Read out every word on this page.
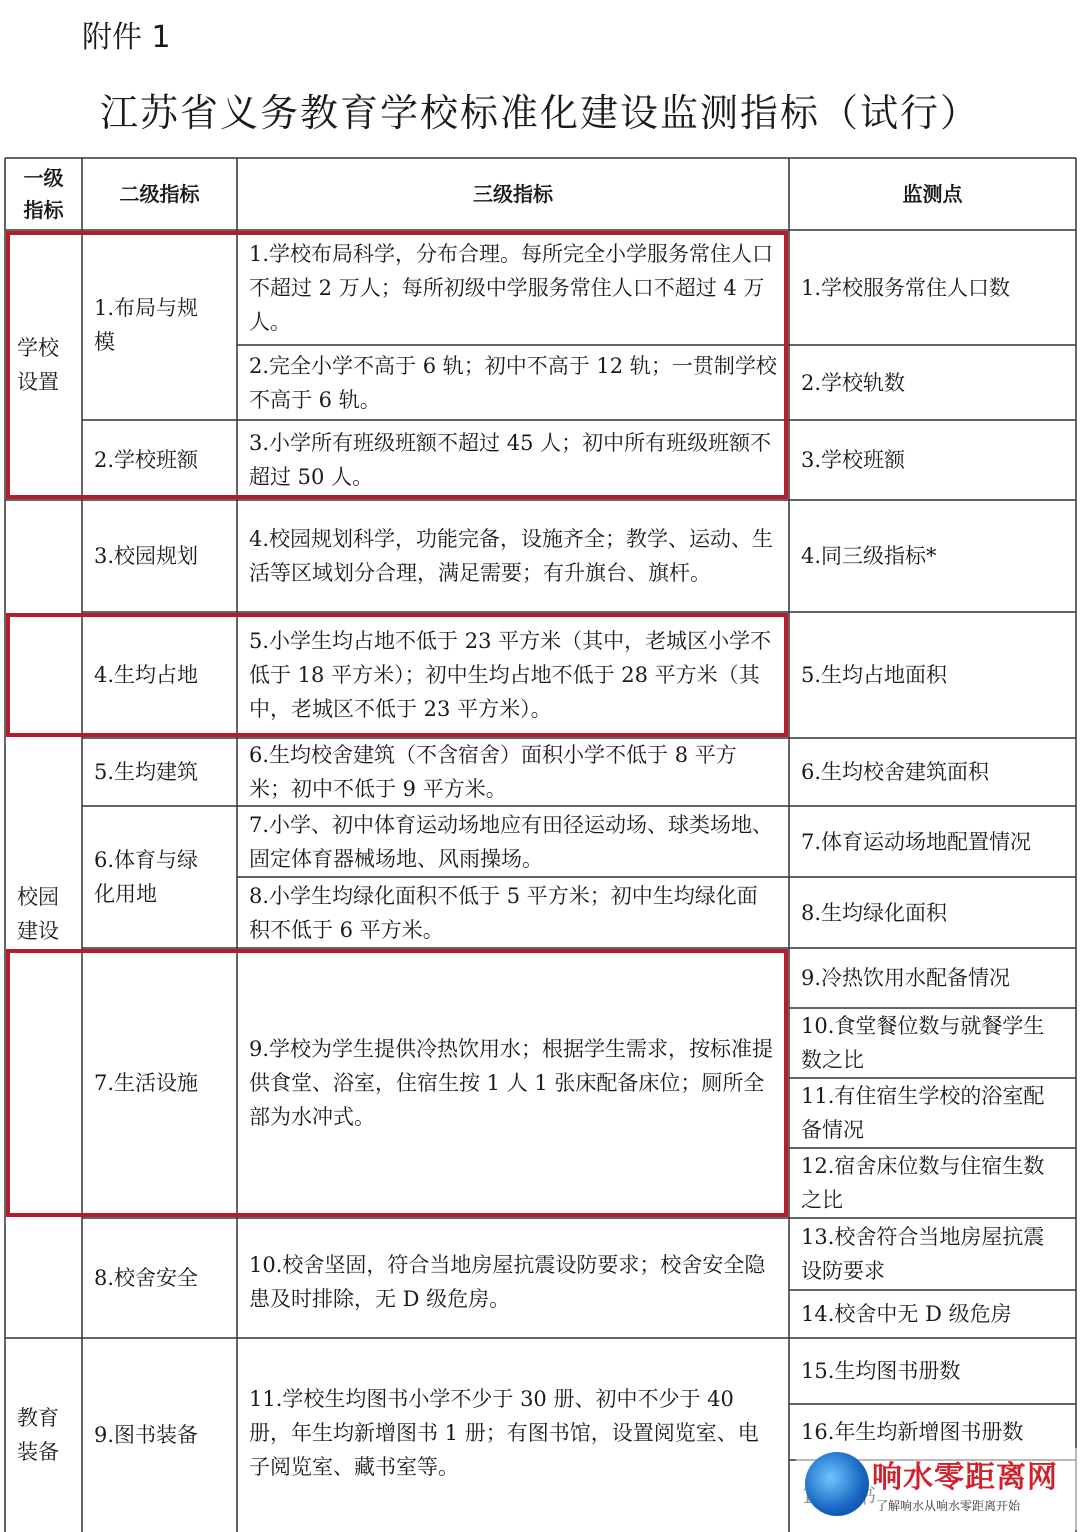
附件 1
江苏省义务教育学校标准化建设监测指标（试行）
一级
指标
二级指标	三级指标	监测点
学校
设置
校园
建设
教育
装备
1.布局与规
模
2.学校班额
3.校园规划
4.生均占地
5.生均建筑
6.体育与绿
化用地
7.生活设施
8.校舍安全
9.图书装备
1.学校布局科学，分布合理。每所完全小学服务常住人口不超过 2 万人；每所初级中学服务常住人口不超过 4 万人。
2.完全小学不高于 6 轨；初中不高于 12 轨；一贯制学校不高于 6 轨。
3.小学所有班级班额不超过 45 人；初中所有班级班额不超过 50 人。
4.校园规划科学，功能完备，设施齐全；教学、运动、生活等区域划分合理，满足需要；有升旗台、旗杆。
5.小学生均占地不低于 23 平方米（其中，老城区小学不低于 18 平方米）；初中生均占地不低于 28 平方米（其中，老城区不低于 23 平方米）。
6.生均校舍建筑（不含宿舍）面积小学不低于 8 平方米；初中不低于 9 平方米。
7.小学、初中体育运动场地应有田径运动场、球类场地、固定体育器械场地、风雨操场。
8.小学生均绿化面积不低于 5 平方米；初中生均绿化面积不低于 6 平方米。
9.学校为学生提供冷热饮用水；根据学生需求，按标准提供食堂、浴室，住宿生按 1 人 1 张床配备床位；厕所全部为水冲式。
10.校舍坚固，符合当地房屋抗震设防要求；校舍安全隐患及时排除，无 D 级危房。
11.学校生均图书小学不少于 30 册、初中不少于 40 册，年生均新增图书 1 册；有图书馆，设置阅览室、电子阅览室、藏书室等。
1.学校服务常住人口数
2.学校轨数
3.学校班额
4.同三级指标*
5.生均占地面积
6.生均校舍建筑面积
7.体育运动场地配置情况
8.生均绿化面积
9.冷热饮用水配备情况
10.食堂餐位数与就餐学生数之比
11.有住宿生学校的浴室配备情况
12.宿舍床位数与住宿生数之比
13.校舍符合当地房屋抗震设防要求
14.校舍中无 D 级危房
15.生均图书册数
16.年生均新增图书册数
响水零距离网
了解响水从响水零距离开始
